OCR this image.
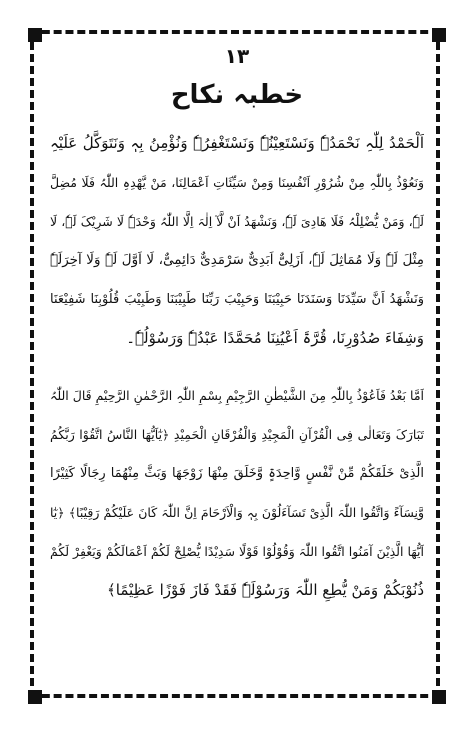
١٣
خطبہ نکاح
اَلْحَمْدُ لِلّٰہِ نَحْمَدُہٗ وَنَسْتَعِیْنُہٗ وَنَسْتَغْفِرُہٗ وَنُؤْمِنُ بِہٖ وَنَتَوَکَّلُ عَلَیْہِ
وَنَعُوْذُ بِاللّٰہِ مِنْ شُرُوْرِ اَنْفُسِنَا وَمِنْ سَیِّئَاتِ اَعْمَالِنَا، مَنْ یَّھْدِہِ اللّٰہُ فَلَا مُضِلَّ
لَہٗ، وَمَنْ یُّضْلِلْہُ فَلَا ھَادِیَ لَہٗ، وَنَشْھَدُ اَنْ لَّآ اِلٰہَ اِلَّا اللّٰہُ وَحْدَہٗ لَا شَرِیْکَ لَہٗ، لَا
مِثْلَ لَہٗ وَلَا مُمَاثِلَ لَہٗ، اَزَلِیٌّ اَبَدِیٌّ سَرْمَدِیٌّ دَائِمِیٌّ، لَا اَوَّلَ لَہٗ وَلَا آخِرَلَہٗ
وَنَشْھَدُ اَنَّ سَیِّدَنَا وَسَنَدَنَا حَبِیْبَنَا وَحَبِیْبَ رَبِّنَا طَبِیْبَنَا وَطَبِیْبَ قُلُوْبِنَا شَفِیْعَنَا
وَشِفَاءَ صُدُوْرِنَا، قُرَّۃَ اَعْیُنِنَا مُحَمَّدًا عَبْدُہٗ وَرَسُوْلُہٗ۔
اَمَّا بَعْدُ فَاَعُوْذُ بِاللّٰہِ مِنَ الشَّیْطٰنِ الرَّجِیْمِ بِسْمِ اللّٰہِ الرَّحْمٰنِ الرَّحِیْمِ قَالَ اللّٰہُ
تَبَارَکَ وَتَعَالٰی فِی الْقُرْآنِ الْمَجِیْدِ وَالْفُرْقَانِ الْحَمِیْدِ ﴿یٰٓاَیُّھَا النَّاسُ اتَّقُوْا رَبَّکُمُ
الَّذِیْ خَلَقَکُمْ مِّنْ نَّفْسٍ وَّاحِدَۃٍ وَّخَلَقَ مِنْھَا زَوْجَھَا وَبَثَّ مِنْھُمَا رِجَالًا کَثِیْرًا
وَّنِسَآءً وَاتَّقُوا اللّٰہَ الَّذِیْ تَسَآءَلُوْنَ بِہٖ وَالْاَرْحَامَ اِنَّ اللّٰہَ کَانَ عَلَیْکُمْ رَقِیْبًا﴾ ﴿یٰٓا
اَیُّھَا الَّذِیْنَ آمَنُوا اتَّقُوا اللّٰہَ وَقُوْلُوْا قَوْلًا سَدِیْدًا یُّصْلِحْ لَکُمْ اَعْمَالَکُمْ وَیَغْفِرْ لَکُمْ
ذُنُوْبَکُمْ وَمَنْ یُّطِعِ اللّٰہَ وَرَسُوْلَہٗ فَقَدْ فَازَ فَوْزًا عَظِیْمًا﴾
